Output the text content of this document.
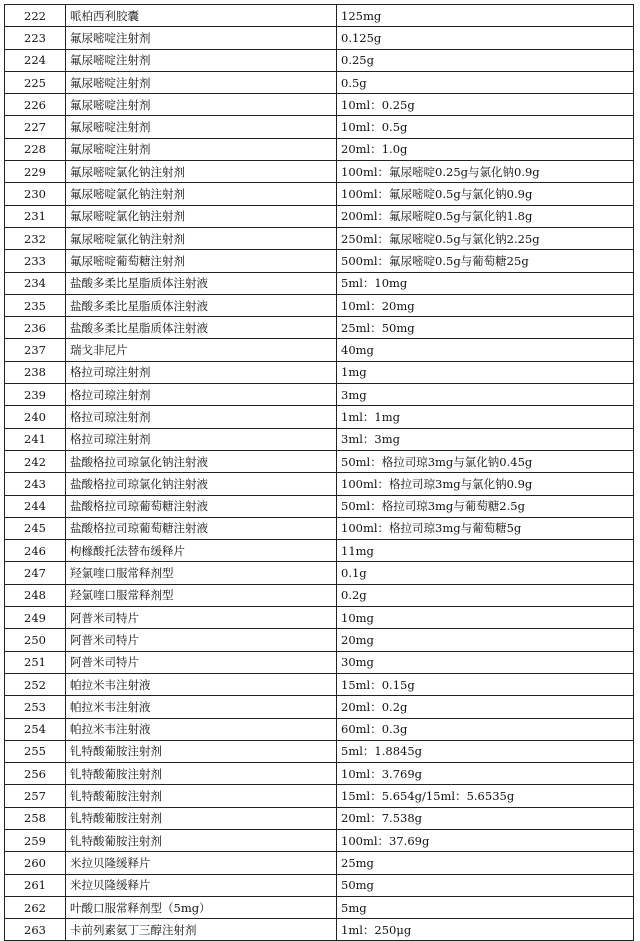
222	哌柏西利胶囊	125mg
223	氟尿嘧啶注射剂	0.125g
224	氟尿嘧啶注射剂	0.25g
225	氟尿嘧啶注射剂	0.5g
226	氟尿嘧啶注射剂	10ml：0.25g
227	氟尿嘧啶注射剂	10ml：0.5g
228	氟尿嘧啶注射剂	20ml：1.0g
229	氟尿嘧啶氯化钠注射剂	100ml：氟尿嘧啶0.25g与氯化钠0.9g
230	氟尿嘧啶氯化钠注射剂	100ml：氟尿嘧啶0.5g与氯化钠0.9g
231	氟尿嘧啶氯化钠注射剂	200ml：氟尿嘧啶0.5g与氯化钠1.8g
232	氟尿嘧啶氯化钠注射剂	250ml：氟尿嘧啶0.5g与氯化钠2.25g
233	氟尿嘧啶葡萄糖注射剂	500ml：氟尿嘧啶0.5g与葡萄糖25g
234	盐酸多柔比星脂质体注射液	5ml：10mg
235	盐酸多柔比星脂质体注射液	10ml：20mg
236	盐酸多柔比星脂质体注射液	25ml：50mg
237	瑞戈非尼片	40mg
238	格拉司琼注射剂	1mg
239	格拉司琼注射剂	3mg
240	格拉司琼注射剂	1ml：1mg
241	格拉司琼注射剂	3ml：3mg
242	盐酸格拉司琼氯化钠注射液	50ml：格拉司琼3mg与氯化钠0.45g
243	盐酸格拉司琼氯化钠注射液	100ml：格拉司琼3mg与氯化钠0.9g
244	盐酸格拉司琼葡萄糖注射液	50ml：格拉司琼3mg与葡萄糖2.5g
245	盐酸格拉司琼葡萄糖注射液	100ml：格拉司琼3mg与葡萄糖5g
246	枸橼酸托法替布缓释片	11mg
247	羟氯喹口服常释剂型	0.1g
248	羟氯喹口服常释剂型	0.2g
249	阿普米司特片	10mg
250	阿普米司特片	20mg
251	阿普米司特片	30mg
252	帕拉米韦注射液	15ml：0.15g
253	帕拉米韦注射液	20ml：0.2g
254	帕拉米韦注射液	60ml：0.3g
255	钆特酸葡胺注射剂	5ml：1.8845g
256	钆特酸葡胺注射剂	10ml：3.769g
257	钆特酸葡胺注射剂	15ml：5.654g/15ml：5.6535g
258	钆特酸葡胺注射剂	20ml：7.538g
259	钆特酸葡胺注射剂	100ml：37.69g
260	米拉贝隆缓释片	25mg
261	米拉贝隆缓释片	50mg
262	叶酸口服常释剂型（5mg）	5mg
263	卡前列素氨丁三醇注射剂	1ml：250μg
